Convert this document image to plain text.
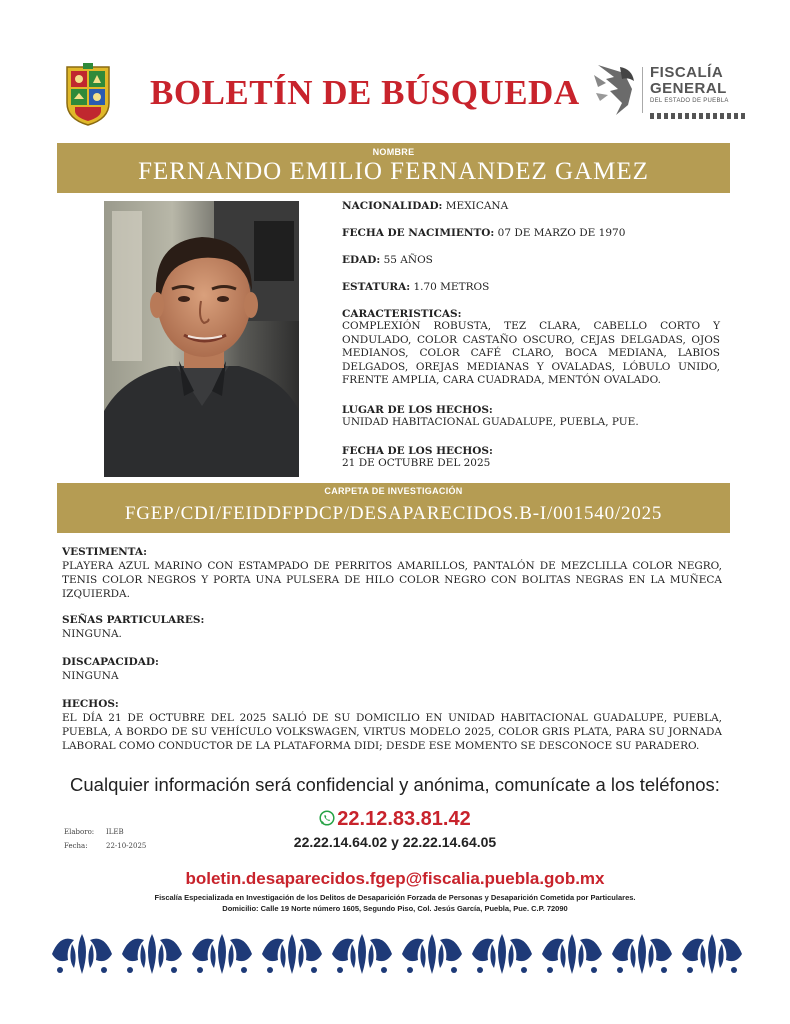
BOLETÍN DE BÚSQUEDA
FISCALÍA
GENERAL
DEL ESTADO DE PUEBLA
NOMBRE
FERNANDO EMILIO FERNANDEZ GAMEZ
NACIONALIDAD: MEXICANA
FECHA DE NACIMIENTO: 07 DE MARZO DE 1970
EDAD: 55 AÑOS
ESTATURA: 1.70 METROS
CARACTERISTICAS:
COMPLEXIÓN ROBUSTA, TEZ CLARA, CABELLO CORTO Y ONDULADO, COLOR CASTAÑO OSCURO, CEJAS DELGADAS, OJOS MEDIANOS, COLOR CAFÉ CLARO, BOCA MEDIANA, LABIOS DELGADOS, OREJAS MEDIANAS Y OVALADAS, LÓBULO UNIDO, FRENTE AMPLIA, CARA CUADRADA, MENTÓN OVALADO.
LUGAR DE LOS HECHOS:
UNIDAD HABITACIONAL GUADALUPE, PUEBLA, PUE.
FECHA DE LOS HECHOS:
21 DE OCTUBRE DEL 2025
CARPETA DE INVESTIGACIÓN
FGEP/CDI/FEIDDFPDCP/DESAPARECIDOS.B-I/001540/2025
VESTIMENTA:
PLAYERA AZUL MARINO CON ESTAMPADO DE PERRITOS AMARILLOS, PANTALÓN DE MEZCLILLA COLOR NEGRO, TENIS COLOR NEGROS Y PORTA UNA PULSERA DE HILO COLOR NEGRO CON BOLITAS NEGRAS EN LA MUÑECA IZQUIERDA.
SEÑAS PARTICULARES:
NINGUNA.
DISCAPACIDAD:
NINGUNA
HECHOS:
EL DÍA 21 DE OCTUBRE DEL 2025 SALIÓ DE SU DOMICILIO EN UNIDAD HABITACIONAL GUADALUPE, PUEBLA, PUEBLA, A BORDO DE SU VEHÍCULO VOLKSWAGEN, VIRTUS MODELO 2025, COLOR GRIS PLATA, PARA SU JORNADA LABORAL COMO CONDUCTOR DE LA PLATAFORMA DIDI; DESDE ESE MOMENTO SE DESCONOCE SU PARADERO.
Cualquier información será confidencial y anónima, comunícate a los teléfonos:
22.12.83.81.42
22.22.14.64.02 y 22.22.14.64.05
Elaboro: ILEB
Fecha:	22-10-2025
boletin.desaparecidos.fgep@fiscalia.puebla.gob.mx
Fiscalía Especializada en Investigación de los Delitos de Desaparición Forzada de Personas y Desaparición Cometida por Particulares.
Domicilio: Calle 19 Norte número 1605, Segundo Piso, Col. Jesús García, Puebla, Pue. C.P. 72090
